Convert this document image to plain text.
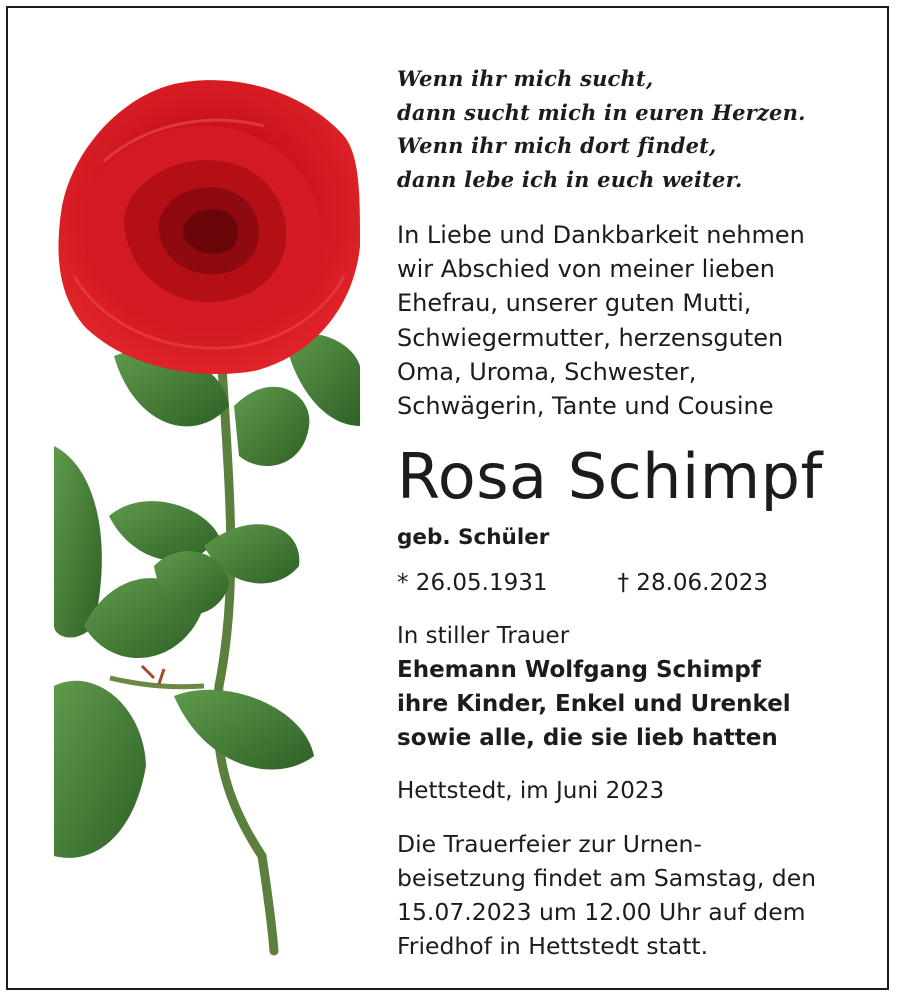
Wenn ihr mich sucht,
dann sucht mich in euren Herzen.
Wenn ihr mich dort findet,
dann lebe ich in euch weiter.
In Liebe und Dankbarkeit nehmen
wir Abschied von meiner lieben
Ehefrau, unserer guten Mutti,
Schwiegermutter, herzensguten
Oma, Uroma, Schwester,
Schwägerin, Tante und Cousine
Rosa Schimpf
geb. Schüler
* 26.05.1931	† 28.06.2023
In stiller Trauer
Ehemann Wolfgang Schimpf
ihre Kinder, Enkel und Urenkel
sowie alle, die sie lieb hatten
Hettstedt, im Juni 2023
Die Trauerfeier zur Urnen-
beisetzung findet am Samstag, den
15.07.2023 um 12.00 Uhr auf dem
Friedhof in Hettstedt statt.
